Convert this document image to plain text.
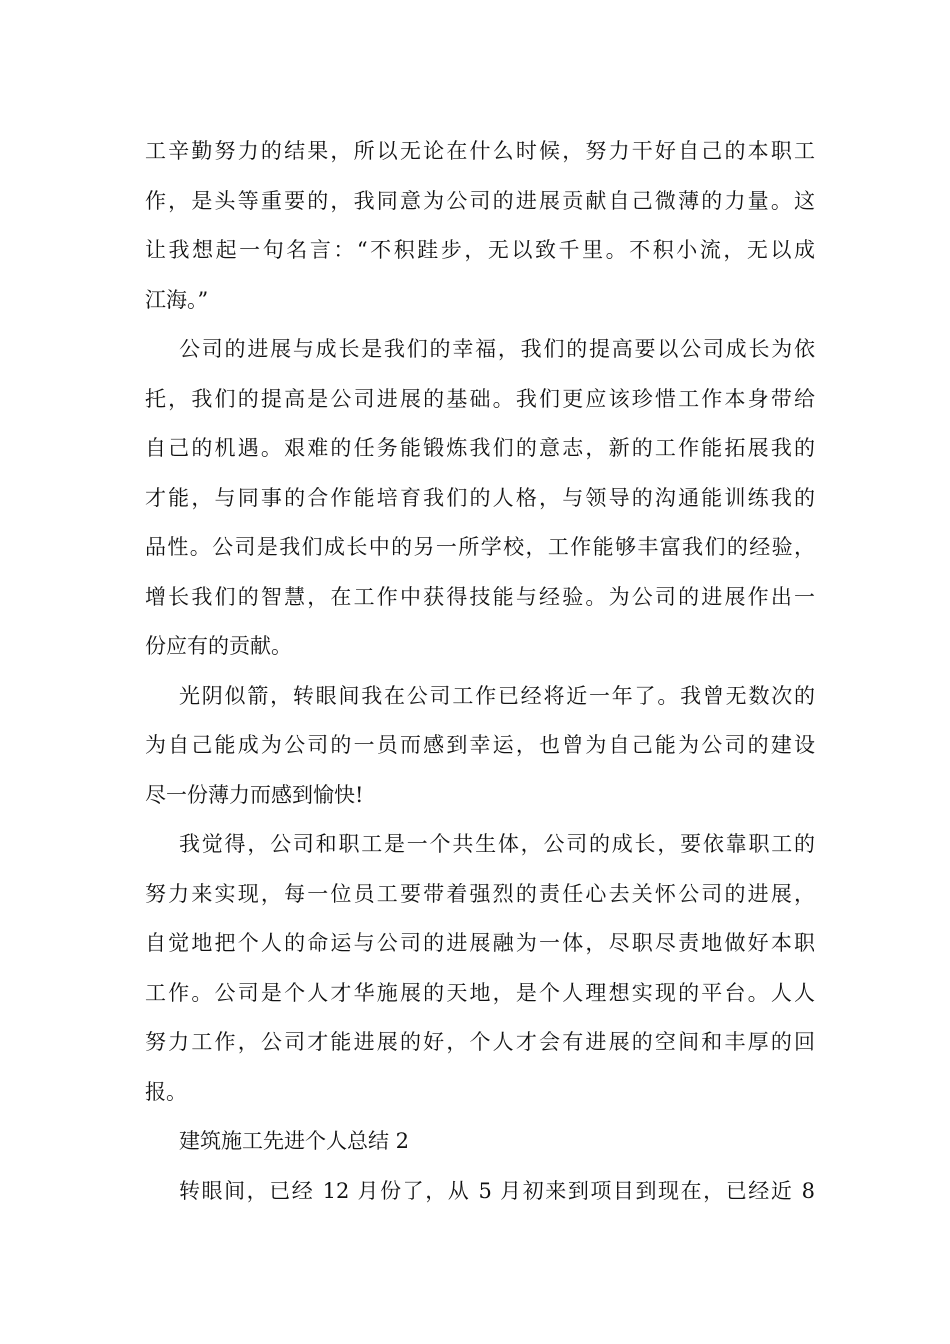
工辛勤努力的结果，所以无论在什么时候，努力干好自己的本职工
作，是头等重要的，我同意为公司的进展贡献自己微薄的力量。这
让我想起一句名言：“不积跬步，无以致千里。不积小流，无以成
江海。”
公司的进展与成长是我们的幸福，我们的提高要以公司成长为依
托，我们的提高是公司进展的基础。我们更应该珍惜工作本身带给
自己的机遇。艰难的任务能锻炼我们的意志，新的工作能拓展我的
才能，与同事的合作能培育我们的人格，与领导的沟通能训练我的
品性。公司是我们成长中的另一所学校，工作能够丰富我们的经验，
增长我们的智慧，在工作中获得技能与经验。为公司的进展作出一
份应有的贡献。
光阴似箭，转眼间我在公司工作已经将近一年了。我曾无数次的
为自己能成为公司的一员而感到幸运，也曾为自己能为公司的建设
尽一份薄力而感到愉快!
我觉得，公司和职工是一个共生体，公司的成长，要依靠职工的
努力来实现，每一位员工要带着强烈的责任心去关怀公司的进展，
自觉地把个人的命运与公司的进展融为一体，尽职尽责地做好本职
工作。公司是个人才华施展的天地，是个人理想实现的平台。人人
努力工作，公司才能进展的好，个人才会有进展的空间和丰厚的回
报。
建筑施工先进个人总结 2
转眼间，已经 12 月份了，从 5 月初来到项目到现在，已经近 8
